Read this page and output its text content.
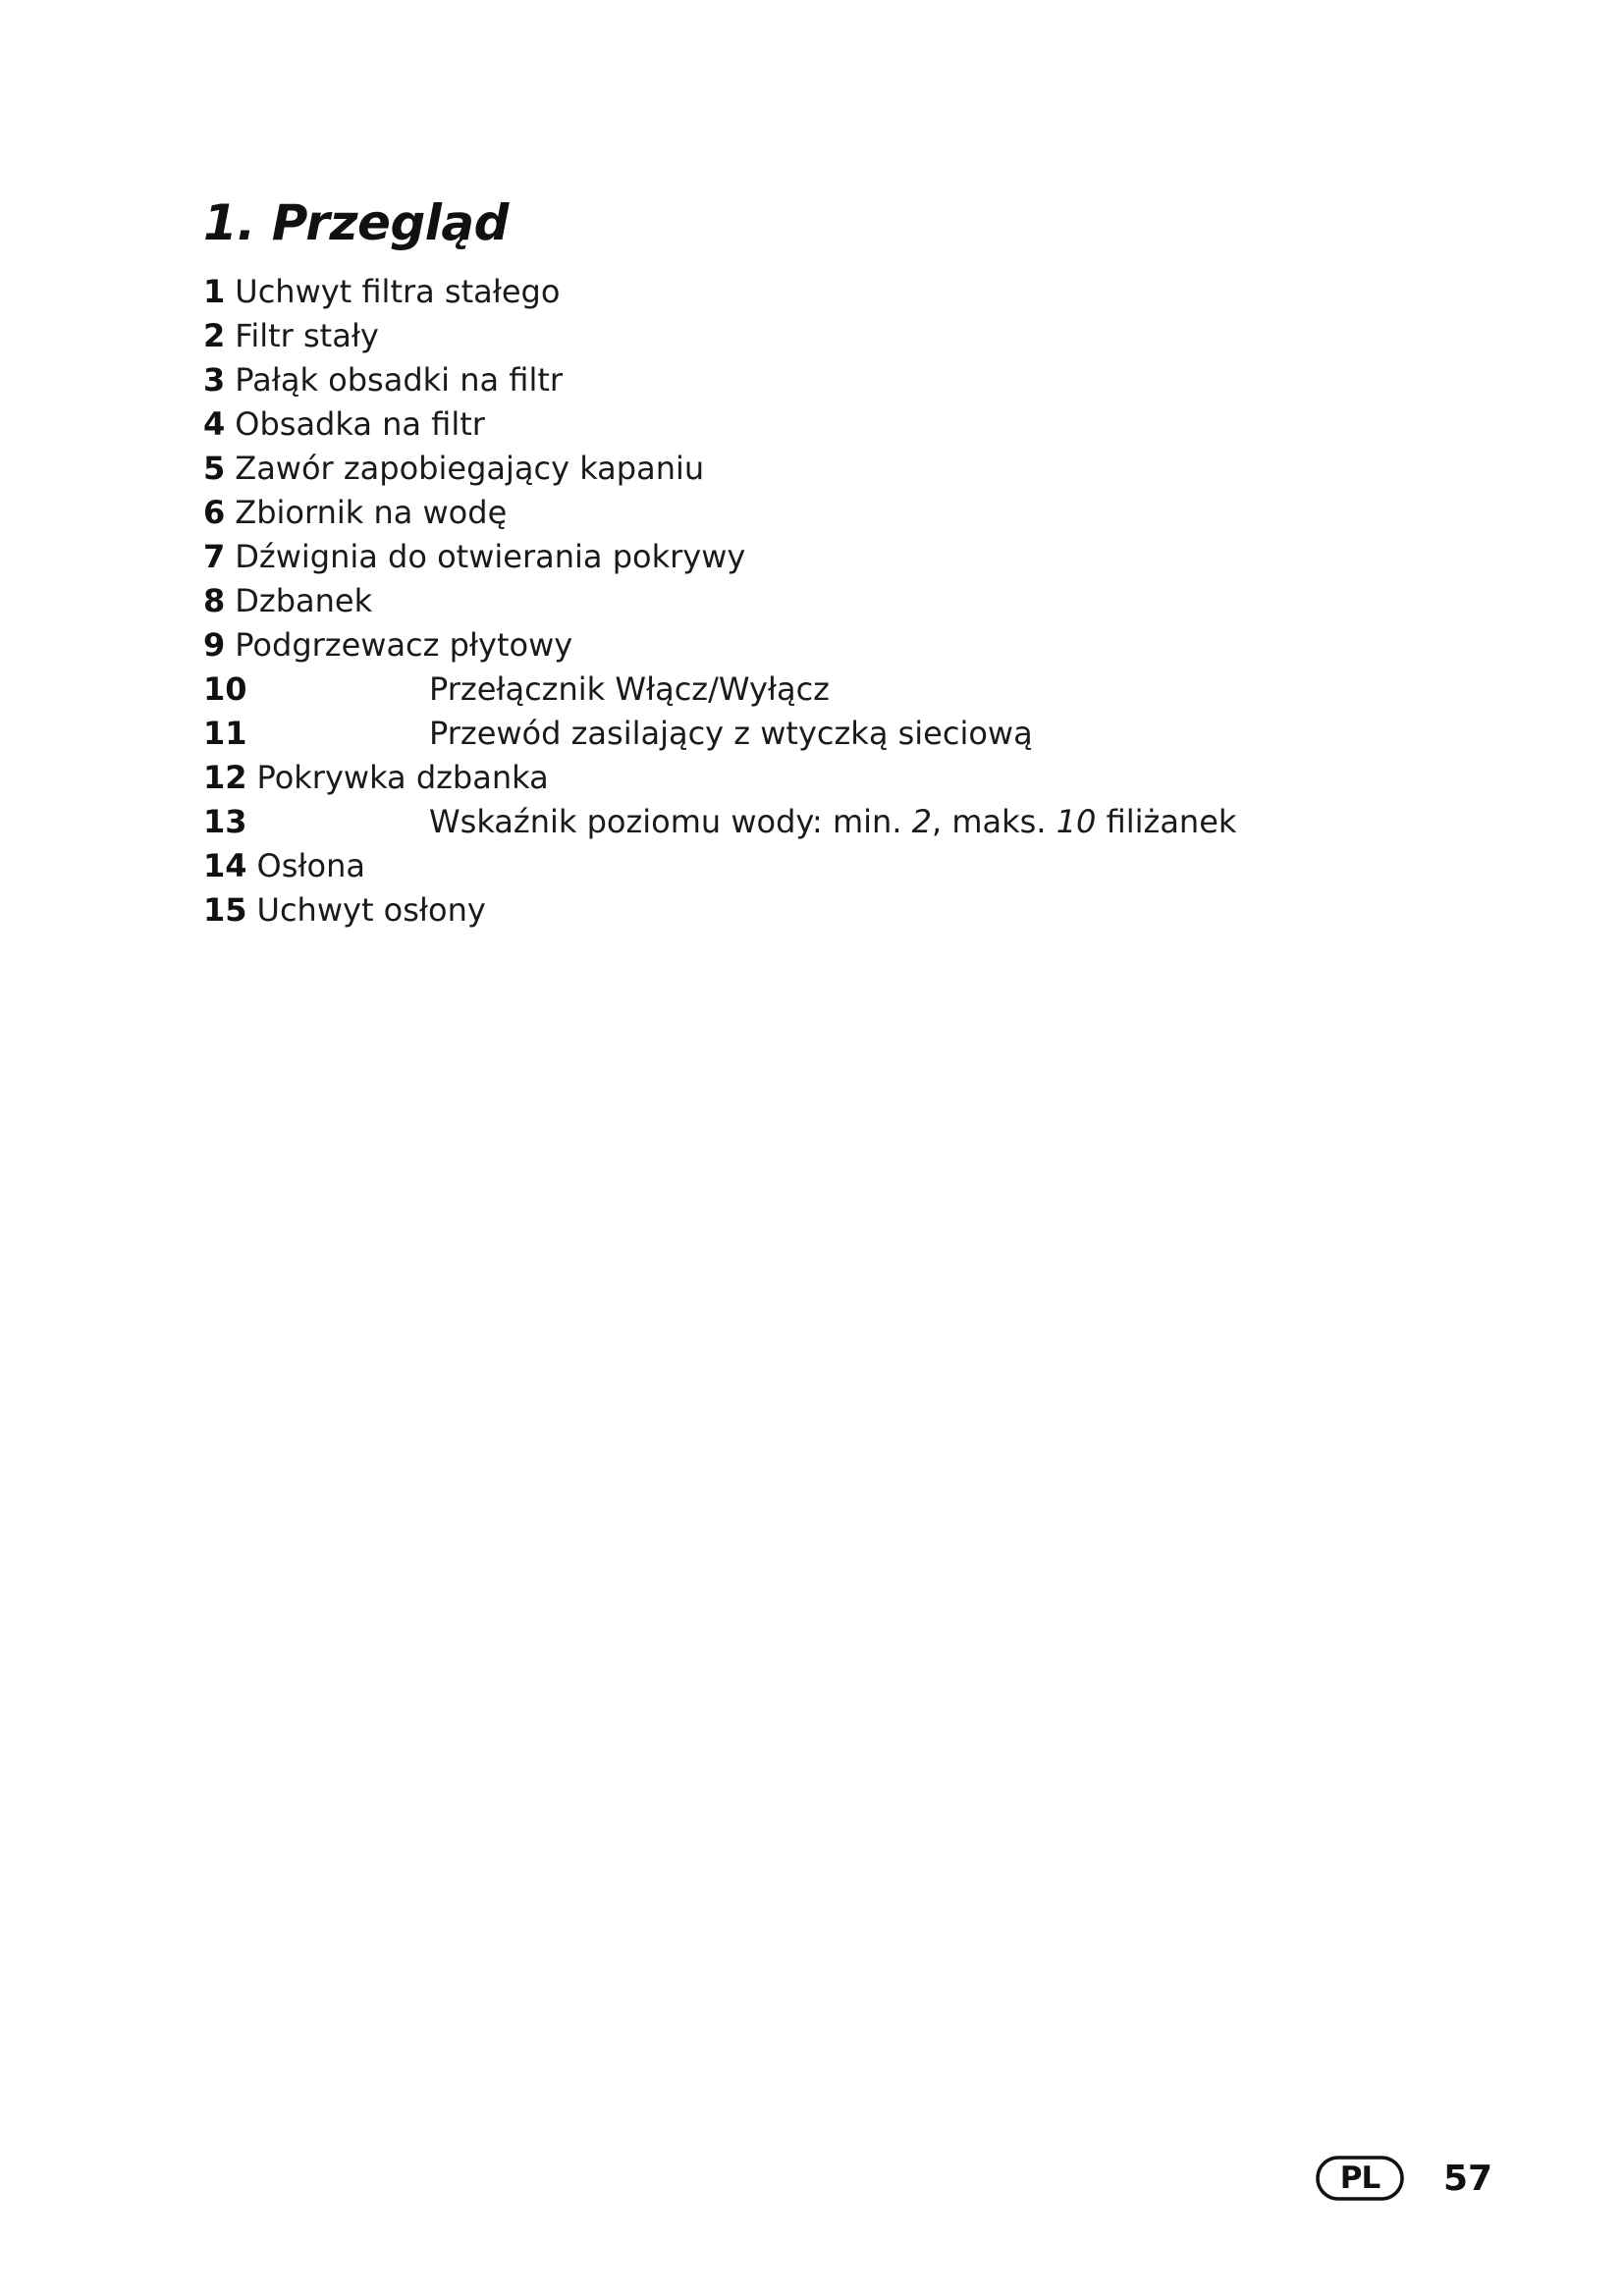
1. Przegląd
1 Uchwyt filtra stałego
2 Filtr stały
3 Pałąk obsadki na filtr
4 Obsadka na filtr
5 Zawór zapobiegający kapaniu
6 Zbiornik na wodę
7 Dźwignia do otwierania pokrywy
8 Dzbanek
9 Podgrzewacz płytowy
10	Przełącznik Włącz/Wyłącz
11	Przewód zasilający z wtyczką sieciową
12 Pokrywka dzbanka
13	Wskaźnik poziomu wody: min. 2, maks. 10 filiżanek
14 Osłona
15 Uchwyt osłony
PL 57
